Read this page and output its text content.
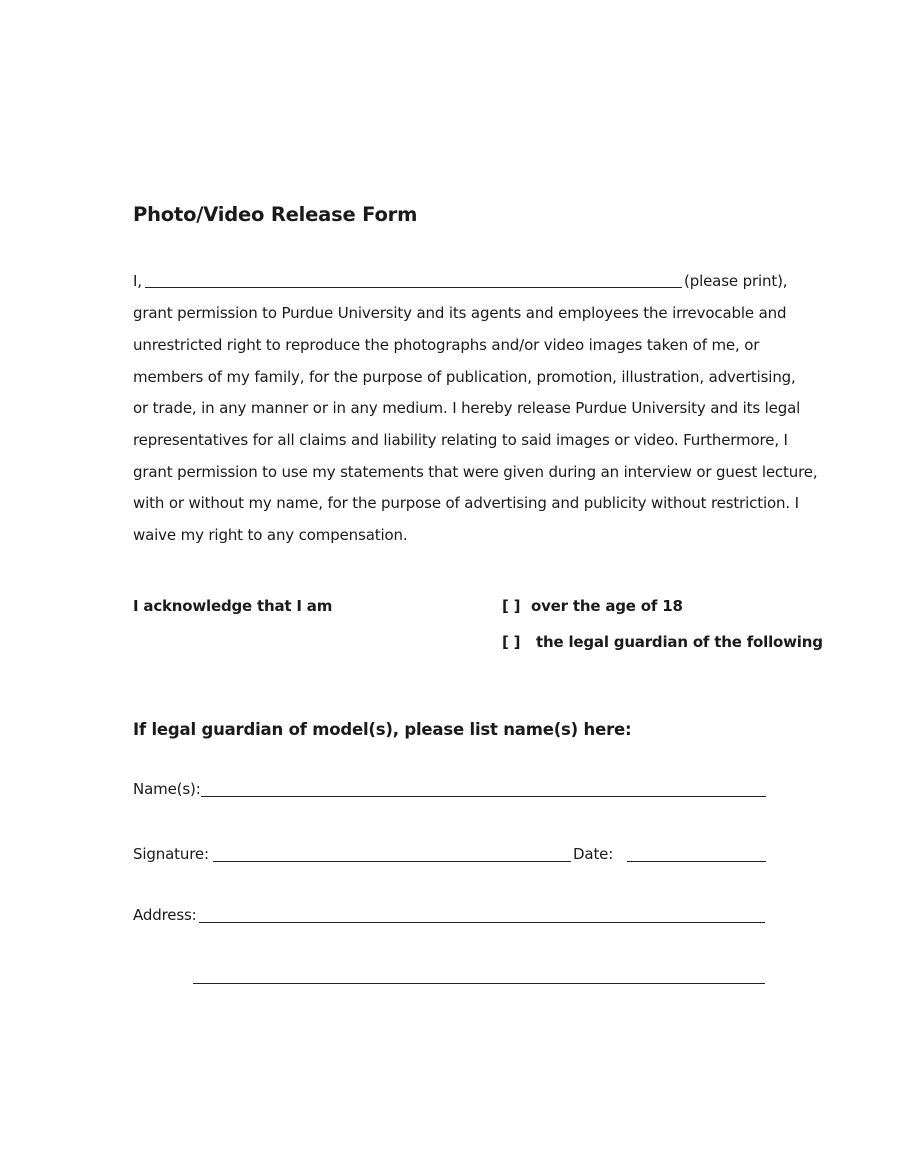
Photo/Video Release Form
I,	(please print),
grant permission to Purdue University and its agents and employees the irrevocable and
unrestricted right to reproduce the photographs and/or video images taken of me, or
members of my family, for the purpose of publication, promotion, illustration, advertising,
or trade, in any manner or in any medium. I hereby release Purdue University and its legal
representatives for all claims and liability relating to said images or video. Furthermore, I
grant permission to use my statements that were given during an interview or guest lecture,
with or without my name, for the purpose of advertising and publicity without restriction. I
waive my right to any compensation.
I acknowledge that I am	[ ] over the age of 18
[ ] the legal guardian of the following
If legal guardian of model(s), please list name(s) here:
Name(s):
Signature:	Date:
Address:
